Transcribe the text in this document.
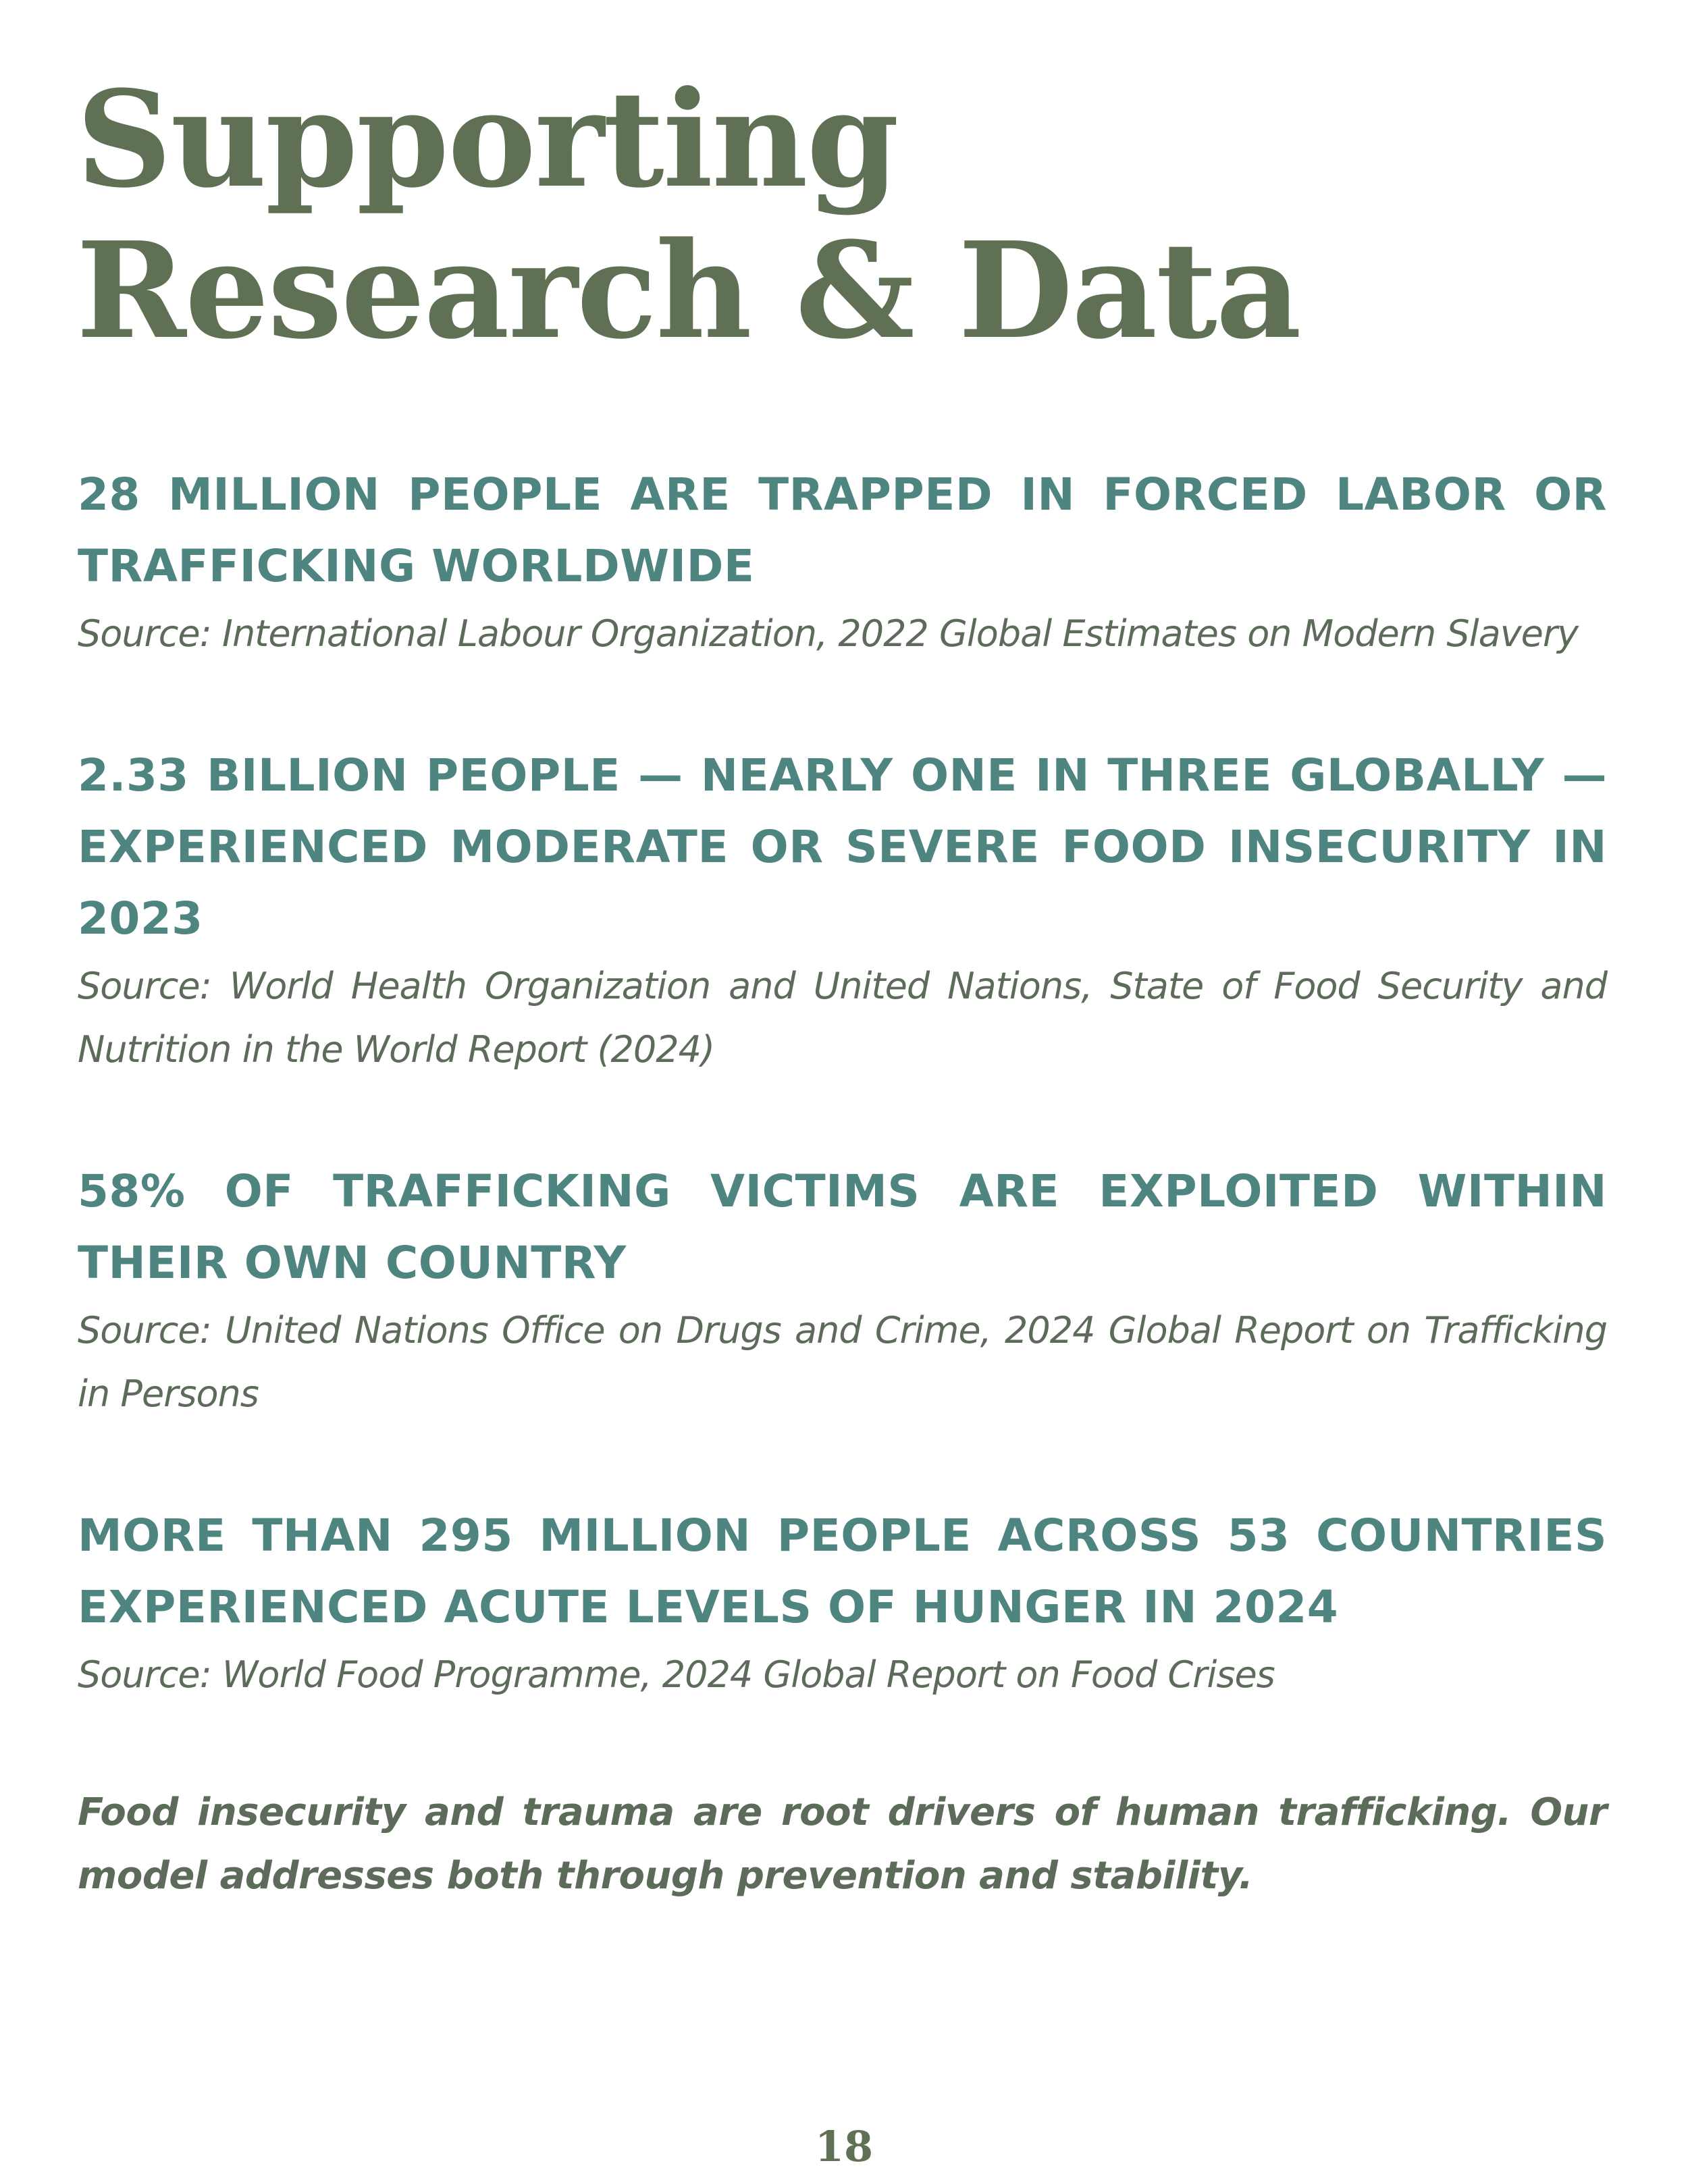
Supporting
Research & Data

28 MILLION PEOPLE ARE TRAPPED IN FORCED LABOR OR TRAFFICKING WORLDWIDE

Source: International Labour Organization, 2022 Global Estimates on Modern Slavery

2.33 BILLION PEOPLE — NEARLY ONE IN THREE GLOBALLY — EXPERIENCED MODERATE OR SEVERE FOOD INSECURITY IN 2023

Source: World Health Organization and United Nations, State of Food Security and Nutrition in the World Report (2024)

58% OF TRAFFICKING VICTIMS ARE EXPLOITED WITHIN THEIR OWN COUNTRY

Source: United Nations Office on Drugs and Crime, 2024 Global Report on Trafficking in Persons

MORE THAN 295 MILLION PEOPLE ACROSS 53 COUNTRIES EXPERIENCED ACUTE LEVELS OF HUNGER IN 2024

Source: World Food Programme, 2024 Global Report on Food Crises

Food insecurity and trauma are root drivers of human trafficking. Our model addresses both through prevention and stability.

18
